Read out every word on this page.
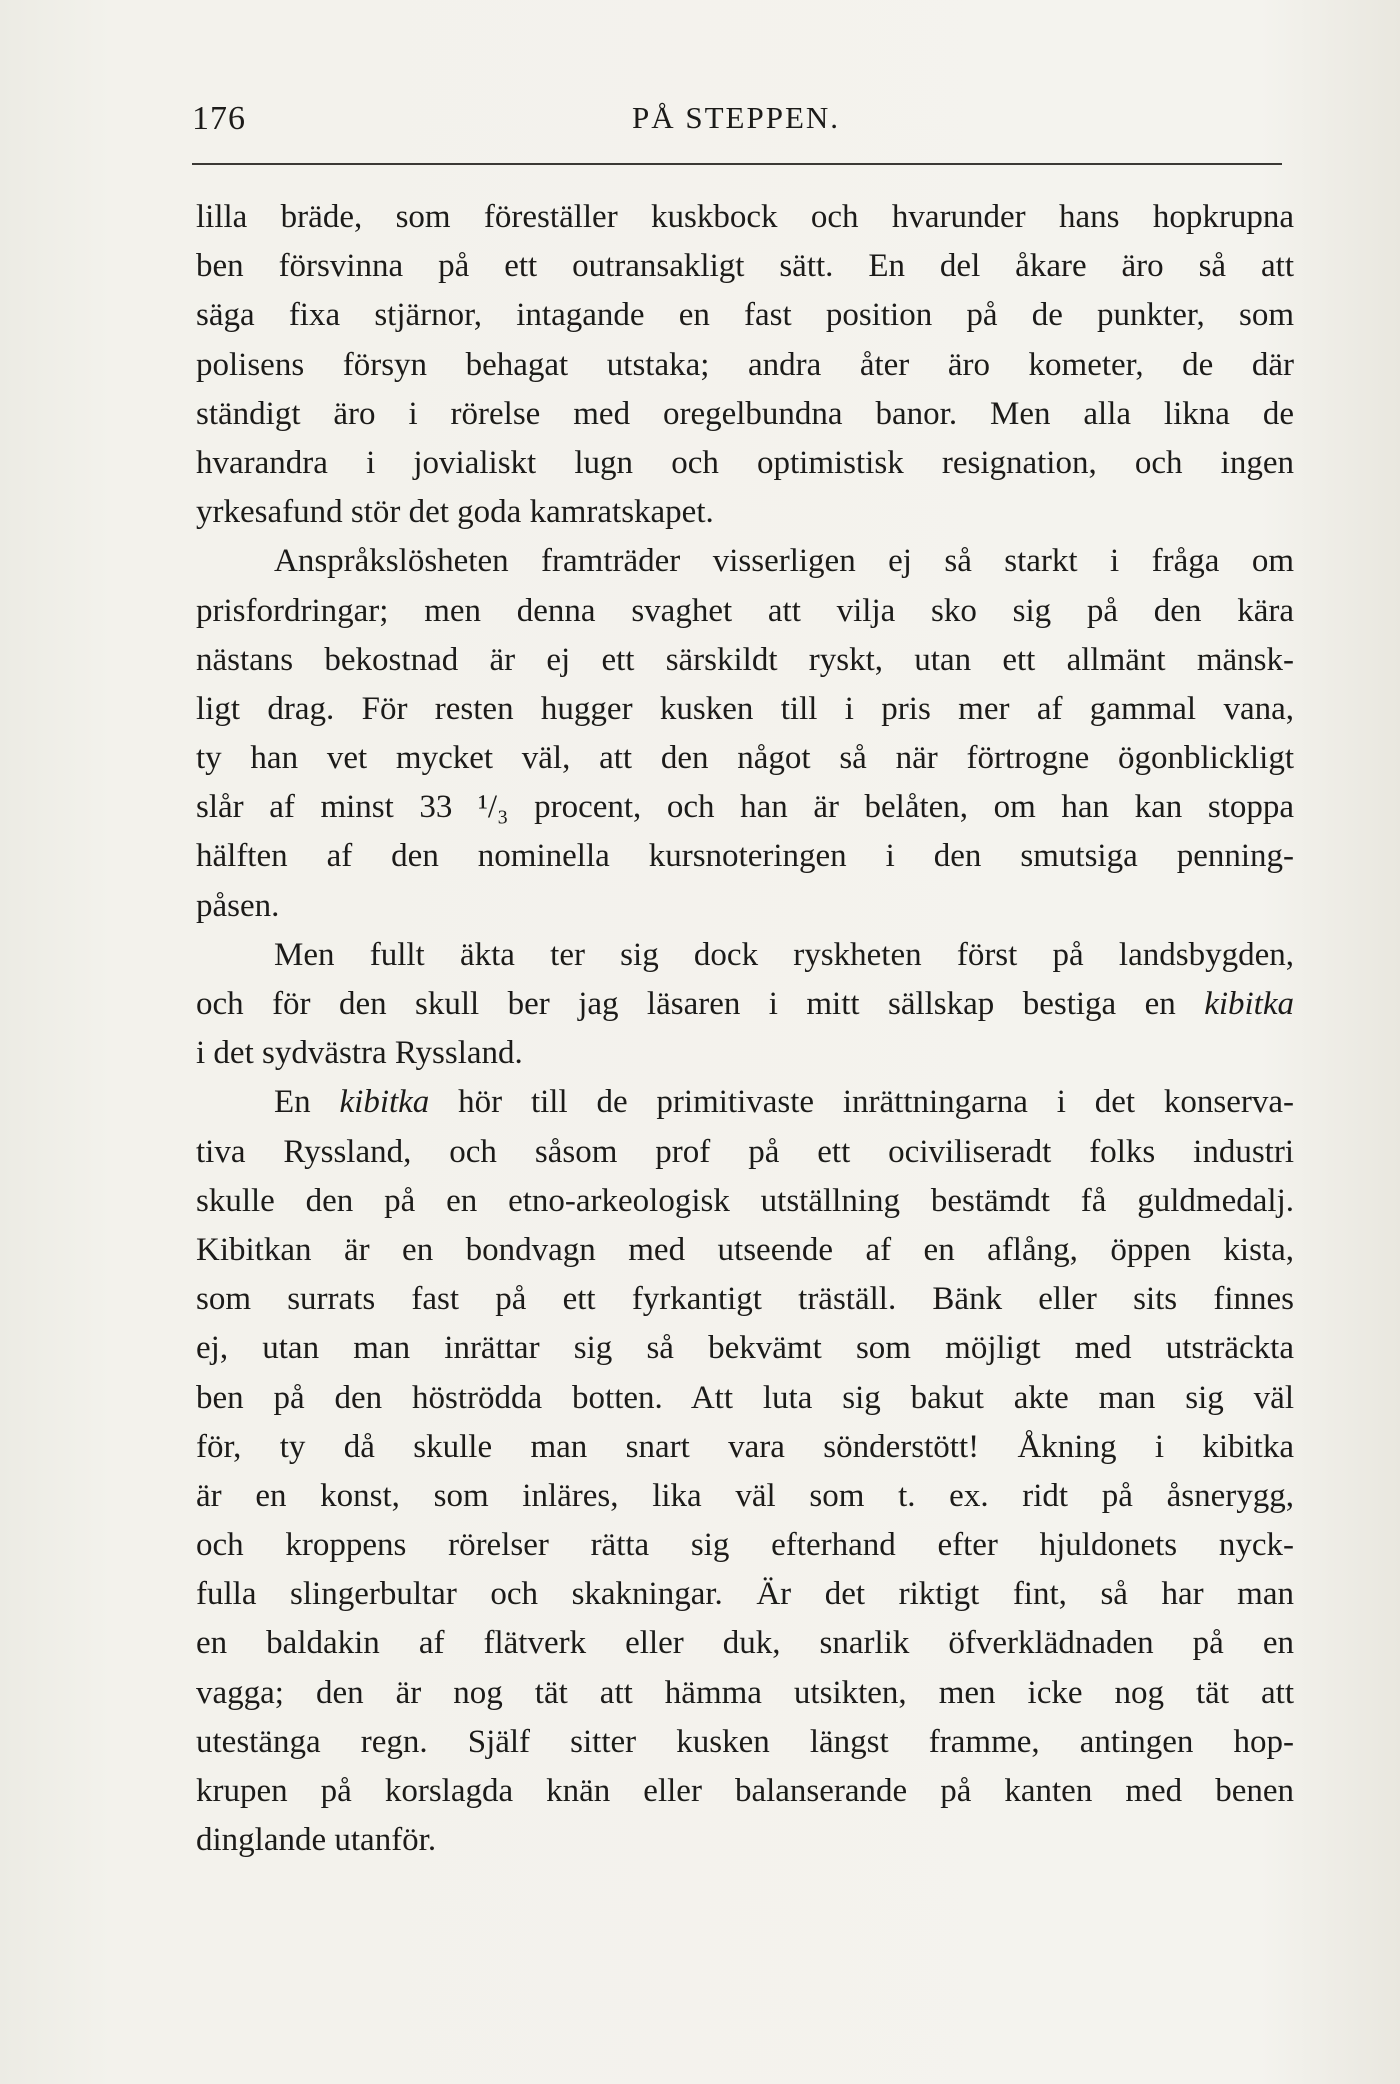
176	PÅ STEPPEN.
lilla bräde, som föreställer kuskbock och hvarunder hans hopkrupna
ben försvinna på ett outransakligt sätt. En del åkare äro så att
säga fixa stjärnor, intagande en fast position på de punkter, som
polisens försyn behagat utstaka; andra åter äro kometer, de där
ständigt äro i rörelse med oregelbundna banor. Men alla likna de
hvarandra i jovialiskt lugn och optimistisk resignation, och ingen
yrkesafund stör det goda kamratskapet.
Anspråkslösheten framträder visserligen ej så starkt i fråga om
prisfordringar; men denna svaghet att vilja sko sig på den kära
nästans bekostnad är ej ett särskildt ryskt, utan ett allmänt mänsk-
ligt drag. För resten hugger kusken till i pris mer af gammal vana,
ty han vet mycket väl, att den något så när förtrogne ögonblickligt
slår af minst 33 ¹/₃ procent, och han är belåten, om han kan stoppa
hälften af den nominella kursnoteringen i den smutsiga penning-
påsen.
Men fullt äkta ter sig dock ryskheten först på landsbygden,
och för den skull ber jag läsaren i mitt sällskap bestiga en kibitka
i det sydvästra Ryssland.
En kibitka hör till de primitivaste inrättningarna i det konserva-
tiva Ryssland, och såsom prof på ett ociviliseradt folks industri
skulle den på en etno-arkeologisk utställning bestämdt få guldmedalj.
Kibitkan är en bondvagn med utseende af en aflång, öppen kista,
som surrats fast på ett fyrkantigt träställ. Bänk eller sits finnes
ej, utan man inrättar sig så bekvämt som möjligt med utsträckta
ben på den höströdda botten. Att luta sig bakut akte man sig väl
för, ty då skulle man snart vara sönderstött! Åkning i kibitka
är en konst, som inläres, lika väl som t. ex. ridt på åsnerygg,
och kroppens rörelser rätta sig efterhand efter hjuldonets nyck-
fulla slingerbultar och skakningar. Är det riktigt fint, så har man
en baldakin af flätverk eller duk, snarlik öfverklädnaden på en
vagga; den är nog tät att hämma utsikten, men icke nog tät att
utestänga regn. Själf sitter kusken längst framme, antingen hop-
krupen på korslagda knän eller balanserande på kanten med benen
dinglande utanför.
